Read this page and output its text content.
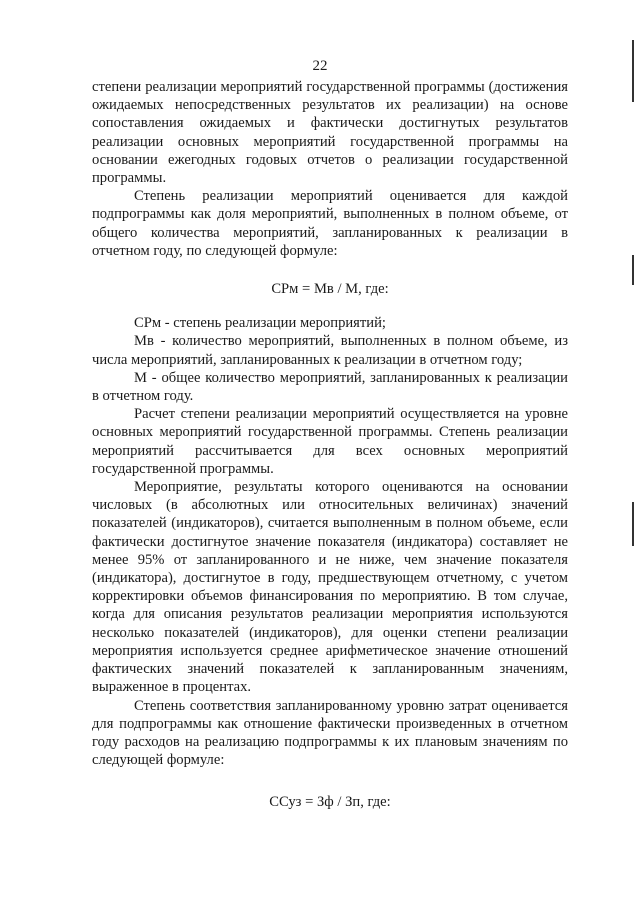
22

степени реализации мероприятий государственной программы (достижения ожидаемых непосредственных результатов их реализации) на основе сопоставления ожидаемых и фактически достигнутых результатов реализации основных мероприятий государственной программы на основании ежегодных годовых отчетов о реализации государственной программы.

Степень реализации мероприятий оценивается для каждой подпрограммы как доля мероприятий, выполненных в полном объеме, от общего количества мероприятий, запланированных к реализации в отчетном году, по следующей формуле:

СРм = Мв / М, где:

СРм - степень реализации мероприятий;

Мв - количество мероприятий, выполненных в полном объеме, из числа мероприятий, запланированных к реализации в отчетном году;

М - общее количество мероприятий, запланированных к реализации в отчетном году.

Расчет степени реализации мероприятий осуществляется на уровне основных мероприятий государственной программы. Степень реализации мероприятий рассчитывается для всех основных мероприятий государственной программы.

Мероприятие, результаты которого оцениваются на основании числовых (в абсолютных или относительных величинах) значений показателей (индикаторов), считается выполненным в полном объеме, если фактически достигнутое значение показателя (индикатора) составляет не менее 95% от запланированного и не ниже, чем значение показателя (индикатора), достигнутое в году, предшествующем отчетному, с учетом корректировки объемов финансирования по мероприятию. В том случае, когда для описания результатов реализации мероприятия используются несколько показателей (индикаторов), для оценки степени реализации мероприятия используется среднее арифметическое значение отношений фактических значений показателей к запланированным значениям, выраженное в процентах.

Степень соответствия запланированному уровню затрат оценивается для подпрограммы как отношение фактически произведенных в отчетном году расходов на реализацию подпрограммы к их плановым значениям по следующей формуле:

ССуз = Зф / Зп, где:
